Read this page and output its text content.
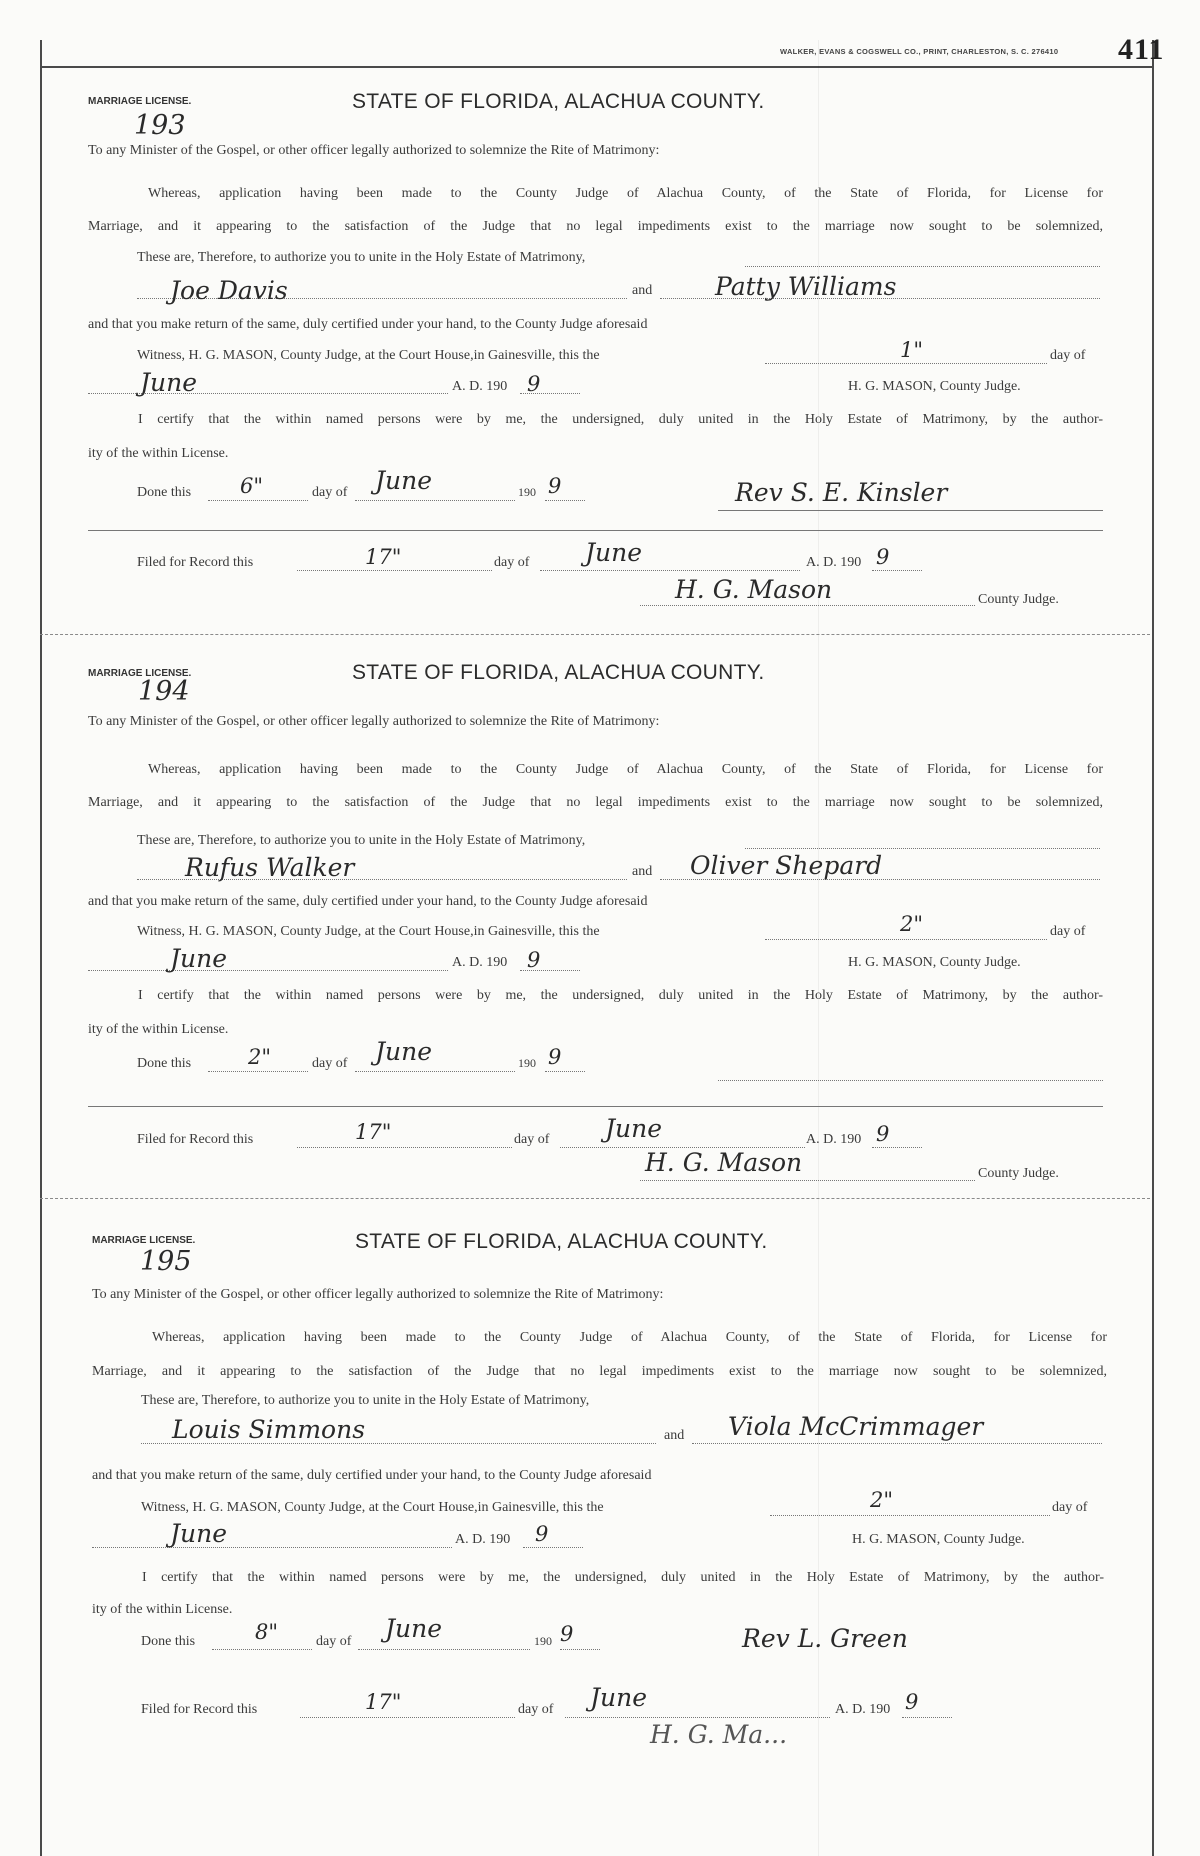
WALKER, EVANS & COGSWELL CO., PRINT, CHARLESTON, S. C. 276410 411
MARRIAGE LICENSE.
193
STATE OF FLORIDA, ALACHUA COUNTY.
To any Minister of the Gospel, or other officer legally authorized to solemnize the Rite of Matrimony:
Whereas, application having been made to the County Judge of Alachua County, of the State of Florida, for License for
Marriage, and it appearing to the satisfaction of the Judge that no legal impediments exist to the marriage now sought to be solemnized,
These are, Therefore, to authorize you to unite in the Holy Estate of Matrimony,
Joe Davis	and	Patty Williams
and that you make return of the same, duly certified under your hand, to the County Judge aforesaid
Witness, H. G. MASON, County Judge, at the Court House,in Gainesville, this the	1"	day of
June	A. D. 190 9	H. G. MASON, County Judge.
I certify that the within named persons were by me, the undersigned, duly united in the Holy Estate of Matrimony, by the author-
ity of the within License.
Done this 6"	day of June	190 9	Rev S. E. Kinsler
Filed for Record this	17"	day of June	A. D. 190 9
H. G. Mason	County Judge.
MARRIAGE LICENSE.
194
STATE OF FLORIDA, ALACHUA COUNTY.
To any Minister of the Gospel, or other officer legally authorized to solemnize the Rite of Matrimony:
Whereas, application having been made to the County Judge of Alachua County, of the State of Florida, for License for
Marriage, and it appearing to the satisfaction of the Judge that no legal impediments exist to the marriage now sought to be solemnized,
These are, Therefore, to authorize you to unite in the Holy Estate of Matrimony,
Rufus Walker	and Oliver Shepard
and that you make return of the same, duly certified under your hand, to the County Judge aforesaid
Witness, H. G. MASON, County Judge, at the Court House,in Gainesville, this the	2"	day of
June	A. D. 190 9	H. G. MASON, County Judge.
I certify that the within named persons were by me, the undersigned, duly united in the Holy Estate of Matrimony, by the author-
ity of the within License.
Done this	2"	day of June	190 9
Filed for Record this	17"	day of June	A. D. 190 9
H. G. Mason	County Judge.
MARRIAGE LICENSE.
195
STATE OF FLORIDA, ALACHUA COUNTY.
To any Minister of the Gospel, or other officer legally authorized to solemnize the Rite of Matrimony:
Whereas, application having been made to the County Judge of Alachua County, of the State of Florida, for License for
Marriage, and it appearing to the satisfaction of the Judge that no legal impediments exist to the marriage now sought to be solemnized,
These are, Therefore, to authorize you to unite in the Holy Estate of Matrimony,
Louis Simmons	and Viola McCrimmager
and that you make return of the same, duly certified under your hand, to the County Judge aforesaid
Witness, H. G. MASON, County Judge, at the Court House,in Gainesville, this the	2"	day of
June	A. D. 190 9	H. G. MASON, County Judge.
I certify that the within named persons were by me, the undersigned, duly united in the Holy Estate of Matrimony, by the author-
ity of the within License.
Done this	8"	day of June	190 9	Rev L. Green
Filed for Record this	17"	day of June	A. D. 190 9
H. G. Ma...
